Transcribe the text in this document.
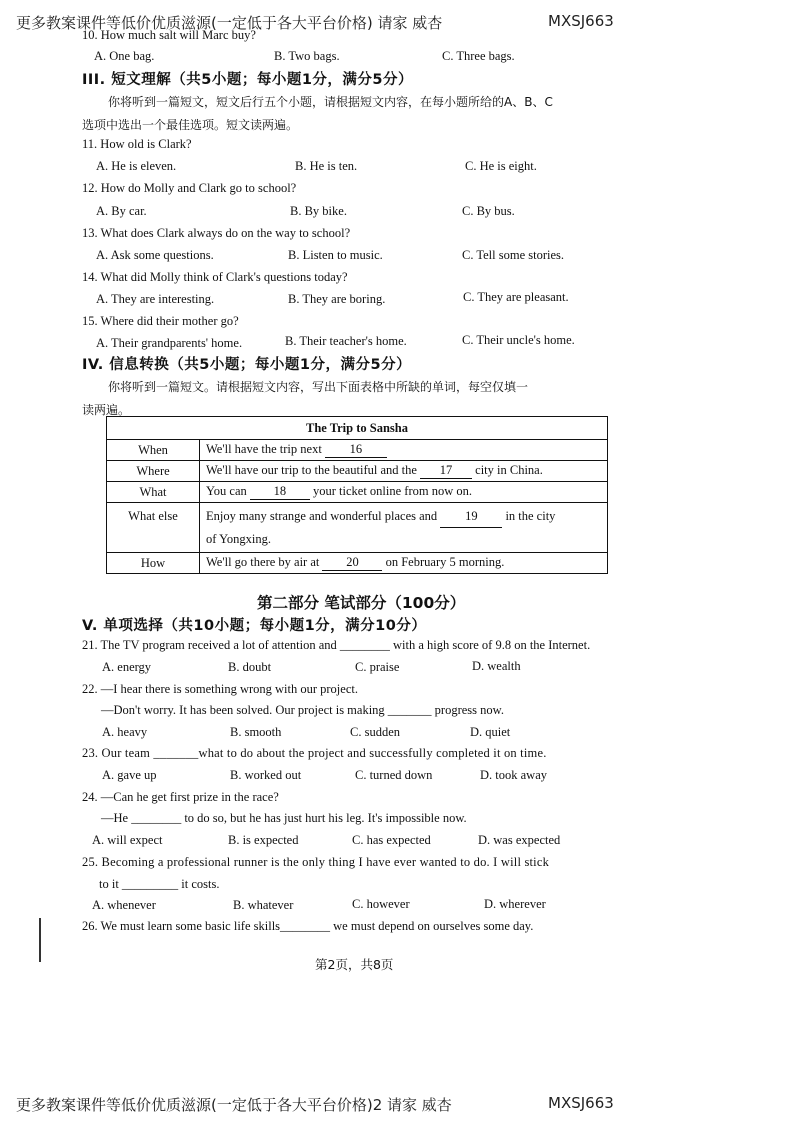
更多教案课件等低价优质滋源(一定低于各大平台价格) 请家 威杏	MXSJ663
10. How much salt will Marc buy?
A. One bag.	B. Two bags.	C. Three bags.
III. 短文理解（共5小题；每小题1分，满分5分）
你将听到一篇短文，短文后行五个小题，请根据短文内容，在每小题所给的A、B、C
选项中选出一个最佳选项。短文读两遍。
11. How old is Clark?
A. He is eleven.	B. He is ten.	C. He is eight.
12. How do Molly and Clark go to school?
A. By car.	B. By bike.	C. By bus.
13. What does Clark always do on the way to school?
A. Ask some questions.	B. Listen to music.	C. Tell some stories.
14. What did Molly think of Clark's questions today?
A. They are interesting.	B. They are boring.	C. They are pleasant.
15. Where did their mother go?
A. Their grandparents' home.	B. Their teacher's home.	C. Their uncle's home.
IV. 信息转换（共5小题；每小题1分，满分5分）
你将听到一篇短文。请根据短文内容，写出下面表格中所缺的单词，每空仅填一
读两遍。
The Trip to Sansha	
When	We'll have the trip next 16
Where	We'll have our trip to the beautiful and the 17 city in China.
What	You can 18 your ticket online from now on.
What else	Enjoy many strange and wonderful places and 19 in the city
of Yongxing.
How	We'll go there by air at 20 on February 5 morning.
第二部分 笔试部分（100分）
V. 单项选择（共10小题；每小题1分，满分10分）
21. The TV program received a lot of attention and ________ with a high score of 9.8 on the Internet.
A. energy	B. doubt	C. praise	D. wealth
22. —I hear there is something wrong with our project.
—Don't worry. It has been solved. Our project is making _______ progress now.
A. heavy	B. smooth	C. sudden	D. quiet
23. Our team _______what to do about the project and successfully completed it on time.
A. gave up	B. worked out	C. turned down	D. took away
24. —Can he get first prize in the race?
—He ________ to do so, but he has just hurt his leg. It's impossible now.
A. will expect	B. is expected	C. has expected	D. was expected
25. Becoming a professional runner is the only thing I have ever wanted to do. I will stick
to it _________ it costs.
A. whenever	B. whatever	C. however	D. wherever
26. We must learn some basic life skills________ we must depend on ourselves some day.
第2页，共8页
更多教案课件等低价优质滋源(一定低于各大平台价格)2 请家 威杏	MXSJ663
